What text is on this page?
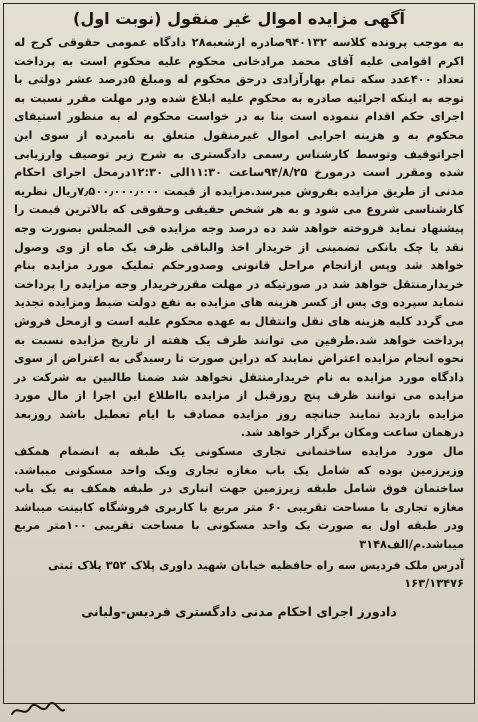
آگهی مزایده اموال غیر منقول (نوبت اول)

به موجب پرونده کلاسه ۹۴۰۱۳۲صادره ازشعبه۲۸ دادگاه عمومی حقوقی کرج له اکرم اقوامی علیه آقای محمد مرادخانی محکوم علیه محکوم است به پرداخت تعداد ۴۰۰عدد سکه تمام بهارآزادی درحق محکوم له ومبلغ ۵درصد عشر دولتی با توجه به اینکه اجرائیه صادره به محکوم علیه ابلاغ شده ودر مهلت مقرر نسبت به اجرای حکم اقدام ننموده است بنا به در خواست محکوم له به منظور استیفای محکوم به و هزینه اجرایی اموال غیرمنقول متعلق به نامبرده از سوی این اجراتوقیف وتوسط کارشناس رسمی دادگستری به شرح زیر توصیف وارزیابی شده ومقرر است درمورخ ۹۴/۸/۲۵ساعت ۱۱:۳۰الی ۱۲:۳۰درمحل اجرای احکام مدنی از طریق مزایده بفروش میرسد.مزایده از قیمت ۷٫۵۰۰٫۰۰۰٫۰۰۰ریال نظریه کارشناسی شروع می شود و به هر شخص حقیقی وحقوقی که بالاترین قیمت را پیشنهاد نماید فروخته خواهد شد ده درصد وجه مزایده فی المجلس بصورت وجه نقد یا چک بانکی تضمینی از خریدار اخذ والباقی ظرف یک ماه از وی وصول خواهد شد وپس ازانجام مراحل قانونی وصدورحکم تملیک مورد مزایده بنام خریدارمنتقل خواهد شد در صورتیکه در مهلت مقررخریدار وجه مزایده را پرداخت ننماید سپرده وی پس از کسر هزینه های مزایده به نفع دولت ضبط ومزایده تجدید می گردد کلیه هزینه های نقل وانتقال به عهده محکوم علیه است و ازمحل فروش پرداخت خواهد شد.طرفین می توانند ظرف یک هفته از تاریخ مزایده نسبت به نحوه انجام مزایده اعتراض نمایند که دراین صورت تا رسیدگی به اعتراض از سوی دادگاه مورد مزایده به نام خریدارمنتقل نخواهد شد ضمنا طالبین به شرکت در مزایده می توانند ظرف پنج روزقبل از مزایده بااطلاع این اجرا از مال مورد مزایده بازدید نمایند جنانچه روز مزایده مصادف با ایام تعطیل باشد روزبعد درهمان ساعت ومکان برگزار خواهد شد.

مال مورد مزایده ساختمانی تجاری مسکونی یک طبقه به انضمام همکف وزیرزمین بوده که شامل یک باب مغازه تجاری ویک واحد مسکونی میباشد. ساختمان فوق شامل طبقه زیرزمین جهت انباری در طبقه همکف به یک باب مغازه تجاری با مساحت تقریبی ۶۰ متر مربع با کاربری فروشگاه کابینت میباشد ودر طبقه اول به صورت یک واحد مسکونی با مساحت تقریبی ۱۰۰متر مربع میباشد.م/الف۳۱۴۸

آدرس ملک فردیس سه راه حافظیه خیابان شهید داوری پلاک ۳۵۲ پلاک ثبتی ۱۶۳/۱۳۴۷۶

دادورز اجرای احکام مدنی دادگستری فردیس-ولیانی
